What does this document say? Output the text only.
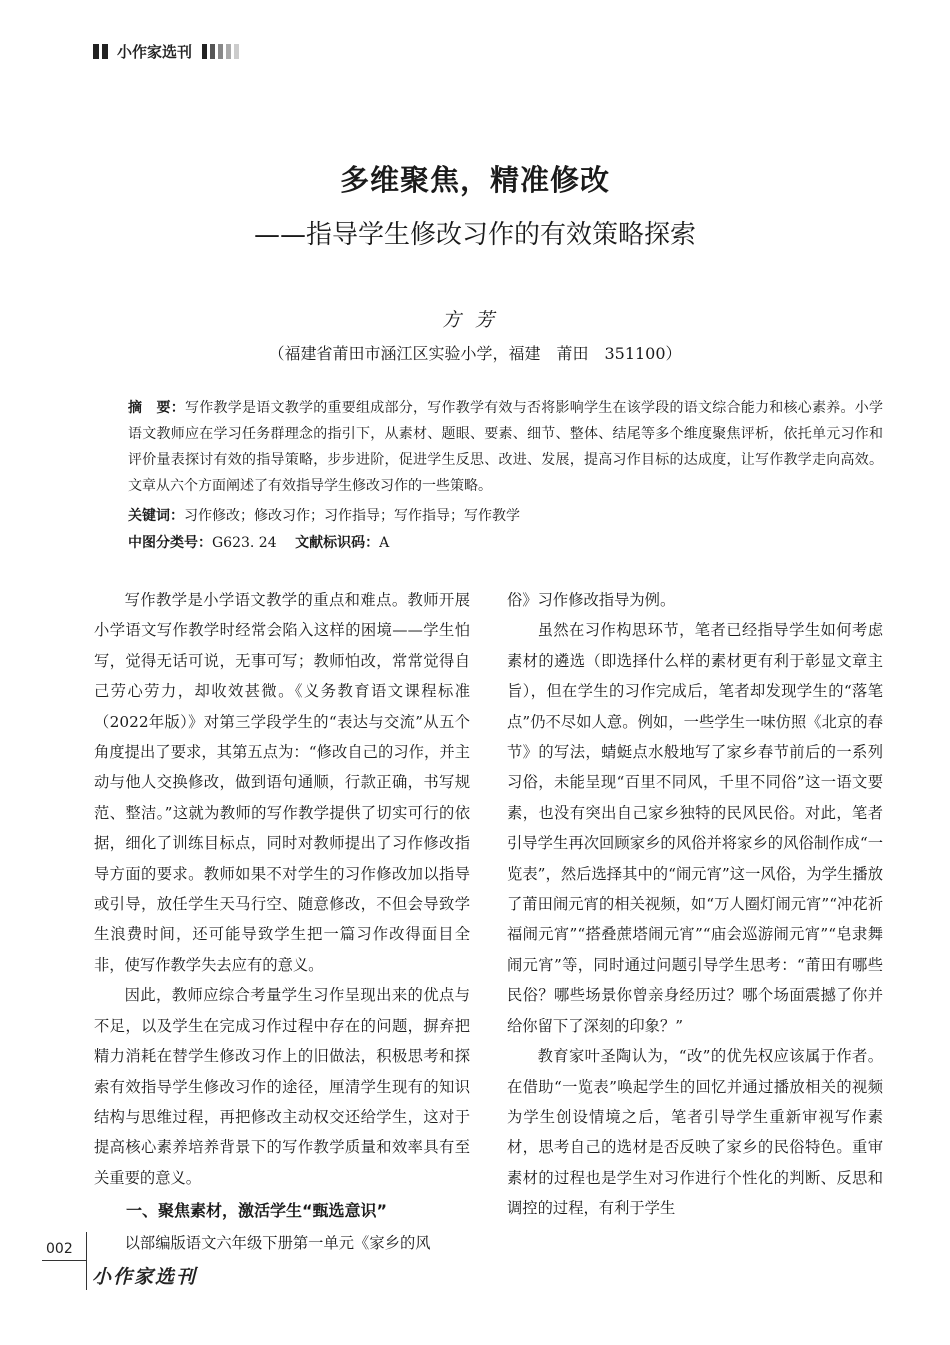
小作家选刊
多维聚焦，精准修改
——指导学生修改习作的有效策略探索
方芳
（福建省莆田市涵江区实验小学，福建　莆田　351100）
摘　要：写作教学是语文教学的重要组成部分，写作教学有效与否将影响学生在该学段的语文综合能力和核心素养。小学语文教师应在学习任务群理念的指引下，从素材、题眼、要素、细节、整体、结尾等多个维度聚焦评析，依托单元习作和评价量表探讨有效的指导策略，步步进阶，促进学生反思、改进、发展，提高习作目标的达成度，让写作教学走向高效。文章从六个方面阐述了有效指导学生修改习作的一些策略。
关键词：习作修改；修改习作；习作指导；写作指导；写作教学
中图分类号：G623. 24 文献标识码：A

写作教学是小学语文教学的重点和难点。教师开展小学语文写作教学时经常会陷入这样的困境——学生怕写，觉得无话可说，无事可写；教师怕改，常常觉得自己劳心劳力，却收效甚微。《义务教育语文课程标准（2022年版）》对第三学段学生的“表达与交流”从五个角度提出了要求，其第五点为：“修改自己的习作，并主动与他人交换修改，做到语句通顺，行款正确，书写规范、整洁。”这就为教师的写作教学提供了切实可行的依据，细化了训练目标点，同时对教师提出了习作修改指导方面的要求。教师如果不对学生的习作修改加以指导或引导，放任学生天马行空、随意修改，不但会导致学生浪费时间，还可能导致学生把一篇习作改得面目全非，使写作教学失去应有的意义。

因此，教师应综合考量学生习作呈现出来的优点与不足，以及学生在完成习作过程中存在的问题，摒弃把精力消耗在替学生修改习作上的旧做法，积极思考和探索有效指导学生修改习作的途径，厘清学生现有的知识结构与思维过程，再把修改主动权交还给学生，这对于提高核心素养培养背景下的写作教学质量和效率具有至关重要的意义。

一、聚焦素材，激活学生“甄选意识”

以部编版语文六年级下册第一单元《家乡的风

俗》习作修改指导为例。

虽然在习作构思环节，笔者已经指导学生如何考虑素材的遴选（即选择什么样的素材更有利于彰显文章主旨），但在学生的习作完成后，笔者却发现学生的“落笔点”仍不尽如人意。例如，一些学生一味仿照《北京的春节》的写法，蜻蜓点水般地写了家乡春节前后的一系列习俗，未能呈现“百里不同风，千里不同俗”这一语文要素，也没有突出自己家乡独特的民风民俗。对此，笔者引导学生再次回顾家乡的风俗并将家乡的风俗制作成“一览表”，然后选择其中的“闹元宵”这一风俗，为学生播放了莆田闹元宵的相关视频，如“万人圈灯闹元宵”“冲花祈福闹元宵”“搭叠蔗塔闹元宵”“庙会巡游闹元宵”“皂隶舞闹元宵”等，同时通过问题引导学生思考：“莆田有哪些民俗？哪些场景你曾亲身经历过？哪个场面震撼了你并给你留下了深刻的印象？”

教育家叶圣陶认为，“改”的优先权应该属于作者。在借助“一览表”唤起学生的回忆并通过播放相关的视频为学生创设情境之后，笔者引导学生重新审视写作素材，思考自己的选材是否反映了家乡的民俗特色。重审素材的过程也是学生对习作进行个性化的判断、反思和调控的过程，有利于学生

002
小作家选刊
